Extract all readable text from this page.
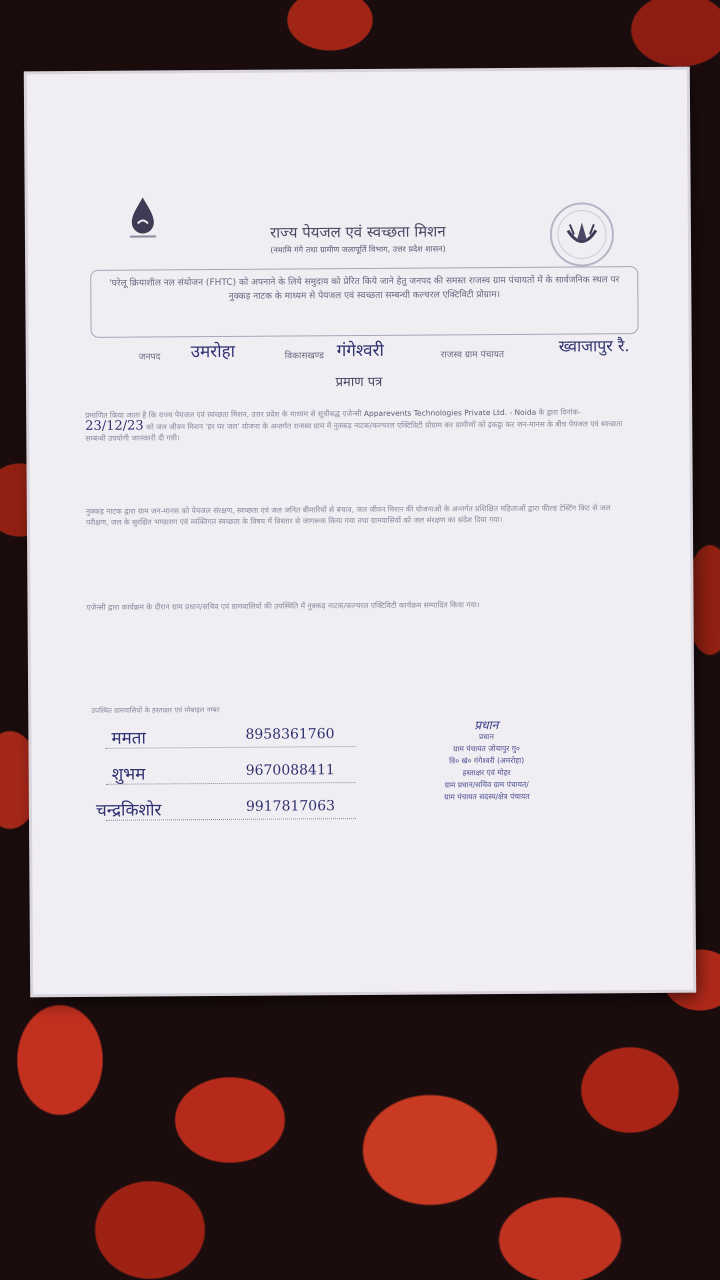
राज्य पेयजल एवं स्वच्छता मिशन
(नमामि गंगे तथा ग्रामीण जलापूर्ति विभाग, उत्तर प्रदेश शासन)
'घरेलू क्रियाशील नल संयोजन (FHTC) को अपनाने के लिये समुदाय को प्रेरित किये जाने हेतु जनपद की समस्त राजस्व ग्राम पंचायतों में के सार्वजनिक स्थल पर नुक्कड़ नाटक के माध्यम से पेयजल एवं स्वच्छता सम्बन्धी कल्चरल एक्टिविटी प्रोग्राम।
जनपद उमरोहा	विकासखण्ड गंगेश्वरी	राजस्व ग्राम पंचायत	ख्वाजापुर रै.
प्रमाण पत्र
प्रमाणित किया जाता है कि राज्य पेयजल एवं स्वच्छता मिशन, उत्तर प्रदेश के माध्यम से सूचीबद्ध एजेन्सी Apparevents Technologies Private Ltd. - Noida के द्वारा दिनांक- 23/12/23 को जल जीवन मिशन 'हर घर जल' योजना के अन्तर्गत राजस्व ग्राम में नुक्कड़ नाटक/कल्चरल एक्टिविटी प्रोग्राम कर ग्रामीणों को इकट्ठा कर जन-मानस के बीच पेयजल एवं स्वच्छता सम्बन्धी उपयोगी जानकारी दी गयी।
नुक्कड़ नाटक द्वारा ग्राम जन-मानस को पेयजल संरक्षण, स्वच्छता एवं जल जनित बीमारियों से बचाव, जल जीवन मिशन की योजनाओं के अन्तर्गत प्रशिक्षित महिलाओं द्वारा फील्ड टेस्टिंग किट से जल परीक्षण, जल के सुरक्षित भण्डारण एवं व्यक्तिगत स्वच्छता के विषय में विस्तार से जागरूक किया गया तथा ग्रामवासियों को जल संरक्षण का संदेश दिया गया।
एजेन्सी द्वारा कार्यक्रम के दौरान ग्राम प्रधान/सचिव एवं ग्रामवासियों की उपस्थिति में नुक्कड़ नाटक/कल्चरल एक्टिविटी कार्यक्रम सम्पादित किया गया।
उपस्थित ग्रामवासियों के हस्ताक्षर एवं मोबाइल नम्बर
ममता	8958361760
शुभम	9670088411
चन्द्रकिशोर	9917817063
प्रधान
प्रधान
ग्राम पंचायत जोयापुर गु०
वि० खं० गंगेश्वरी (अमरोहा)
हस्ताक्षर एवं मोहर
ग्राम प्रधान/सचिव ग्राम पंचायत/
ग्राम पंचायत सदस्य/क्षेत्र पंचायत
